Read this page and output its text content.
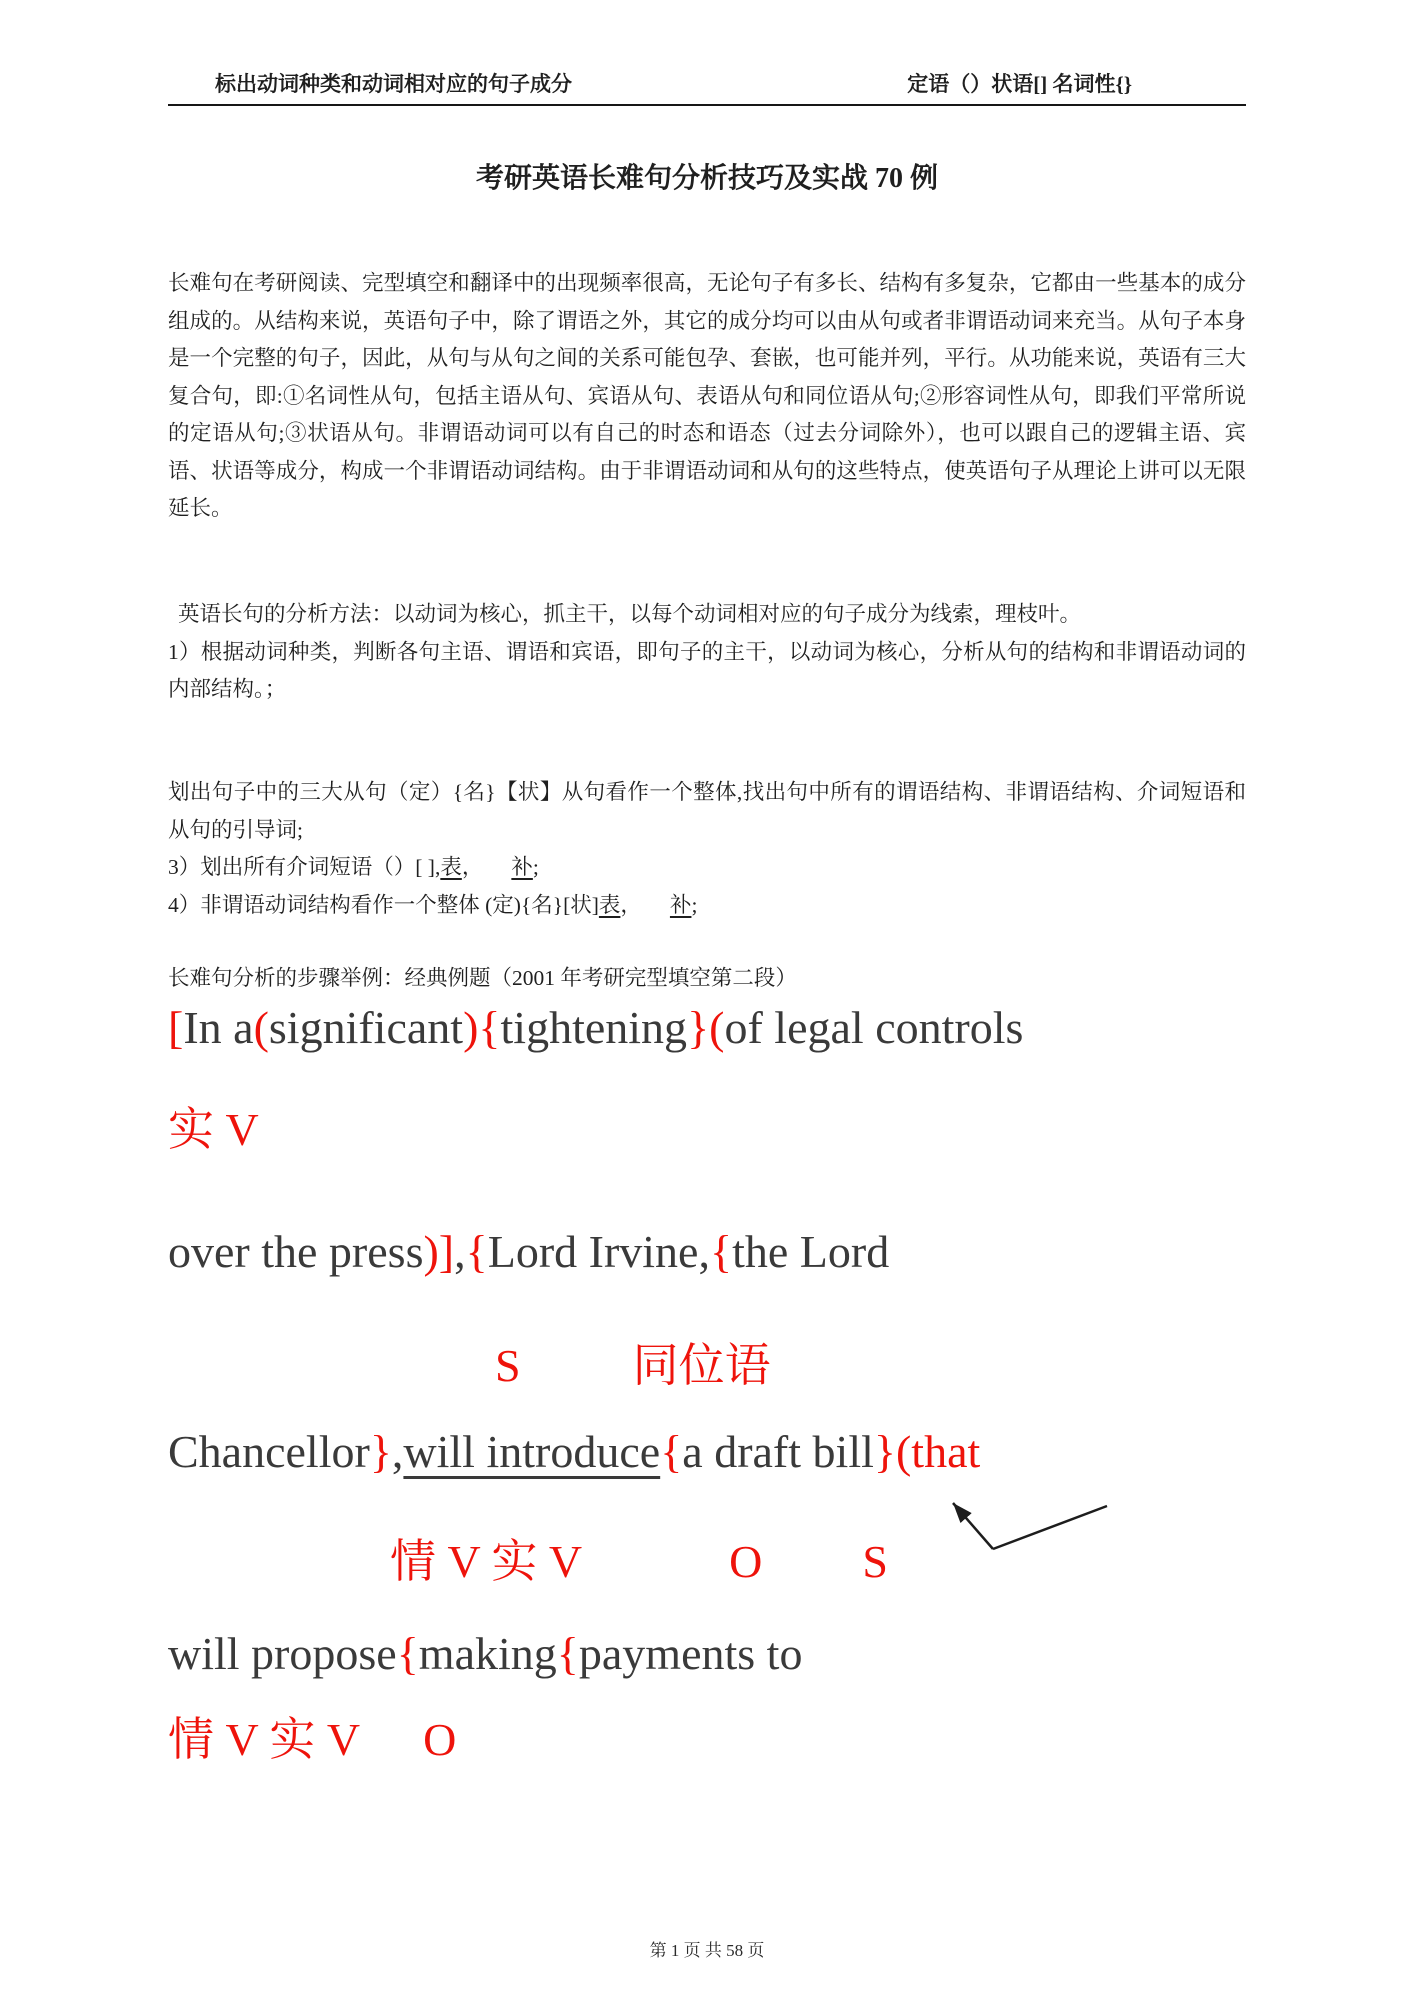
标出动词种类和动词相对应的句子成分	定语（）状语[] 名词性{}
考研英语长难句分析技巧及实战 70 例
长难句在考研阅读、完型填空和翻译中的出现频率很高，无论句子有多长、结构有多复杂，它都由一些基本的成分组成的。从结构来说，英语句子中，除了谓语之外，其它的成分均可以由从句或者非谓语动词来充当。从句子本身是一个完整的句子，因此，从句与从句之间的关系可能包孕、套嵌，也可能并列，平行。从功能来说，英语有三大复合句，即:①名词性从句，包括主语从句、宾语从句、表语从句和同位语从句;②形容词性从句，即我们平常所说的定语从句;③状语从句。非谓语动词可以有自己的时态和语态（过去分词除外），也可以跟自己的逻辑主语、宾语、状语等成分，构成一个非谓语动词结构。由于非谓语动词和从句的这些特点，使英语句子从理论上讲可以无限延长。
英语长句的分析方法：以动词为核心，抓主干，以每个动词相对应的句子成分为线索，理枝叶。
1）根据动词种类，判断各句主语、谓语和宾语，即句子的主干，以动词为核心，分析从句的结构和非谓语动词的内部结构。；
划出句子中的三大从句（定）{名}【状】从句看作一个整体,找出句中所有的谓语结构、非谓语结构、介词短语和从句的引导词;
3）划出所有介词短语（）[ ],表， 补;
4）非谓语动词结构看作一个整体 (定){名}[状]表， 补;
长难句分析的步骤举例：经典例题（2001 年考研完型填空第二段）
[In a(significant){tightening}(of legal controls
实 V
over the press)],{Lord Irvine,{the Lord
S 同位语
Chancellor},will introduce{a draft bill}(that
情 V 实 V	O S
will propose{making{payments to
情 V 实 V O
第 1 页 共 58 页
